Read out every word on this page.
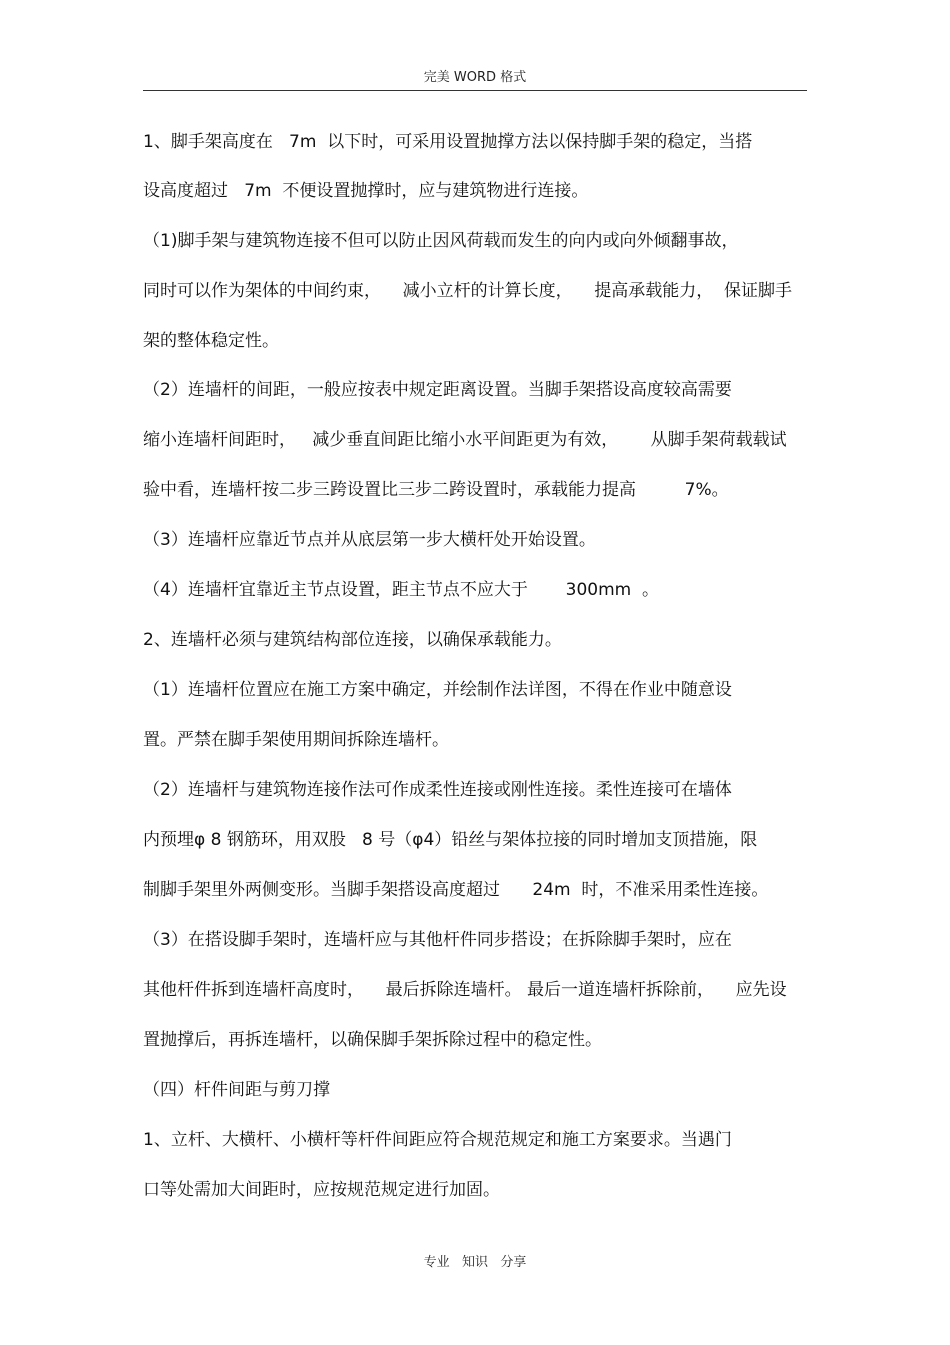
完美 WORD 格式
1、脚手架高度在   7m  以下时，可采用设置抛撑方法以保持脚手架的稳定，当搭
设高度超过   7m  不便设置抛撑时，应与建筑物进行连接。
（1)脚手架与建筑物连接不但可以防止因风荷载而发生的向内或向外倾翻事故，
同时可以作为架体的中间约束，    减小立杆的计算长度，    提高承载能力，  保证脚手
架的整体稳定性。
（2）连墙杆的间距，一般应按表中规定距离设置。当脚手架搭设高度较高需要
缩小连墙杆间距时，   减少垂直间距比缩小水平间距更为有效，      从脚手架荷载载试
验中看，连墙杆按二步三跨设置比三步二跨设置时，承载能力提高         7%。
（3）连墙杆应靠近节点并从底层第一步大横杆处开始设置。
（4）连墙杆宜靠近主节点设置，距主节点不应大于       300mm  。
2、连墙杆必须与建筑结构部位连接，以确保承载能力。
（1）连墙杆位置应在施工方案中确定，并绘制作法详图，不得在作业中随意设
置。严禁在脚手架使用期间拆除连墙杆。
（2）连墙杆与建筑物连接作法可作成柔性连接或刚性连接。柔性连接可在墙体
内预埋φ 8 钢筋环，用双股   8 号（φ4）铅丝与架体拉接的同时增加支顶措施，限
制脚手架里外两侧变形。当脚手架搭设高度超过      24m  时，不准采用柔性连接。
（3）在搭设脚手架时，连墙杆应与其他杆件同步搭设；在拆除脚手架时，应在
其他杆件拆到连墙杆高度时，    最后拆除连墙杆。 最后一道连墙杆拆除前，    应先设
置抛撑后，再拆连墙杆，以确保脚手架拆除过程中的稳定性。
（四）杆件间距与剪刀撑
1、立杆、大横杆、小横杆等杆件间距应符合规范规定和施工方案要求。当遇门
口等处需加大间距时，应按规范规定进行加固。
专业   知识   分享
